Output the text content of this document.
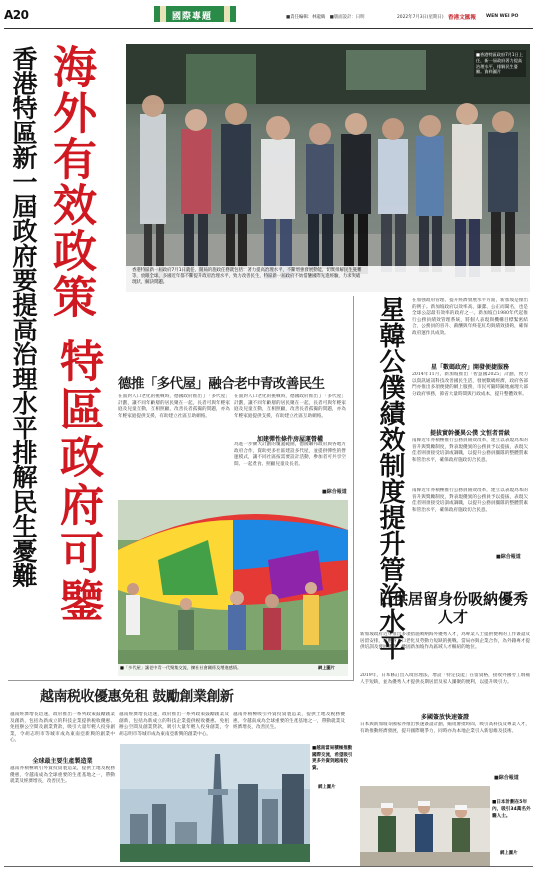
A20	國際專題	■責任編輯：林龍鶴　■版面設計：日明	2022年7月3日(星期日) 香港文匯報 WEN WEI PO
海外有效政策
香港特區新一屆政府要提高治理水平排解民生憂難 特區政府可鑒
香港特區新一屆政府7月1日就任，開局的施政任務就包括：著力提高治理水平，不斷增強發展動能，切實排解民生憂難等，放眼全球，多國近年都不斷提升政府治理水平，致力改善民生，特區新一屆政府不妨借鑒國際先進經驗，力求突破現狀，解決問題。
■香港特區政府7月1日上任，新一屆政府著力提高治理水平，排解民生憂難。資料圖片
德推「多代屋」融合老中青改善民生
在面對人口老化的挑戰時，德國政府推出了「多代屋」計劃，讓不同年齡層的居民聚在一起，長者可與年輕家庭及兒童互動，互相照顧，改善長者孤獨的問題，亦為年輕家庭提供支援，有助建立社區互助網絡。
在面對人口老化的挑戰時，德國政府推出了「多代屋」計劃，讓不同年齡層的居民聚在一起，長者可與年輕家庭及兒童互動，互相照顧，改善長者孤獨的問題，亦為年輕家庭提供支援，有助建立社區互助網絡。
加建彈性條件房屋運營權
為進一步擴大計劃的覆蓋範圍，德國聯邦政府與各地方政府合作，資助更多社區建設多代屋，並提供彈性的營運模式，讓不同社區按需要設計活動，參加者可共享空間、一起煮食、照顧兒童及長者。
■綜合報道
■「多代屋」讓老中青一代聚集交流，擴社社會關係及增進感情。	網上圖片
星韓公僕績效制度提升管治水平 在加強政府管理、提升經濟發展水平方面，新加坡是傑出的例子。新加坡政府以效率高、廉潔、公正而聞名，也是全球公認最有效率的政府之一。新加坡自1980年代起推行公務員績效管理系統，將個人表現與機構目標緊密結合，公務員的晉升、薪酬與年終花紅均與績效掛鈎，確保政府運作具成效。
星「數碼政府」開發便捷服務
2014年11月，新加坡推出「智慧國2025」計劃，致力以資訊通訊科技改善國民生活，發展數碼經濟，政府各部門亦推出多項便捷的網上服務，市民可隨時隨地處理大部分政府事務，節省大量時間與行政成本，提升整體效率。
提拔實幹優異公僕 文恒者晉級
南韓近年亦積極推行公務員績效改革，建立以表現為本的晉升與獎勵制度，對表現優異的公務員予以提拔，表現欠佳者則須接受培訓或調職，以提升公務員團隊的整體質素和管治水平，確保政府施政切合民意。
南韓近年亦積極推行公務員績效改革，建立以表現為本的晉升與獎勵制度，對表現優異的公務員予以提拔，表現欠佳者則須接受培訓或調職，以提升公務員團隊的整體質素和管治水平，確保政府施政切合民意。
■綜合報道
日供居留身份吸納優秀人才
新加坡政府近年推出多項措施吸納海外優秀人才，為專業人士提供便利的工作簽證及居留安排，以應對人口老化及勞動力短缺的挑戰。當局亦與企業合作，為外籍專才提供培訓及發展機會，鞏固新加坡作為區域人才樞紐的地位。
2019年，日本修訂出入境管理法，增設「特定技能」在留資格，接收外國勞工填補人手短缺，並為優秀人才提供長期居留及家人團聚的便利，以提升吸引力。
多國簽放快速簽證
日本與新加坡等國家亦推出快速簽證計劃，縮短審批時間，吸引高科技及專業人才，有助推動經濟發展，提升國際競爭力，同時亦為本地企業引入新思維及技術。
■綜合報道
■日本計劃在5年內，吸引34萬名外籍人士。
網上圖片
越南税收優惠免租 鼓勵創業創新
越南經濟增長迅速，政府推出一系列政策鼓勵創業及創新，包括為新成立的科技企業提供税收優惠、免租辦公空間及創業貸款，吸引大量年輕人投身創業，令胡志明市等城市成為東南亞新興的創業中心。
全球最主要生產製造業
越南亦積極吸引外資投資製造業，提供土地及税務優惠，令越南成為全球重要的生產基地之一，帶動就業及經濟增長，改善民生。
越南經濟增長迅速，政府推出一系列政策鼓勵創業及創新，包括為新成立的科技企業提供税收優惠、免租辦公空間及創業貸款，吸引大量年輕人投身創業，令胡志明市等城市成為東南亞新興的創業中心。
越南亦積極吸引外資投資製造業，提供土地及税務優惠，令越南成為全球重要的生產基地之一，帶動就業及經濟增長，改善民生。
■越南當局積極推動國際交流，希望吸引更多外資到越南投資。
網上圖片
